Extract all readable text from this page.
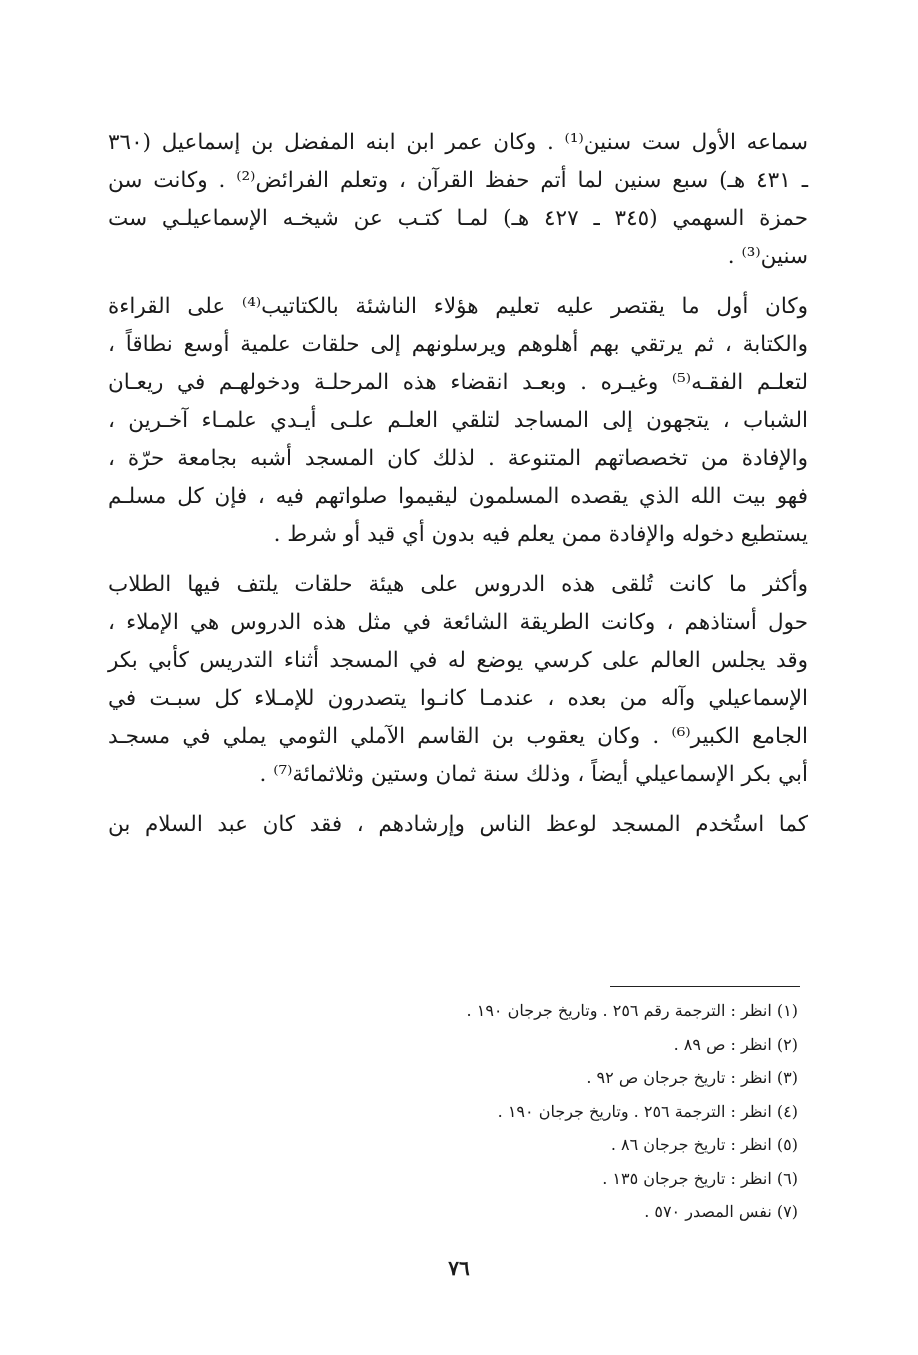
سماعه الأول ست سنين⁽¹⁾ . وكان عمر ابن ابنه المفضل بن إسماعيل (٣٦٠
ـ ٤٣١ هـ) سبع سنين لما أتم حفظ القرآن ، وتعلم الفرائض⁽²⁾ . وكانت سن
حمزة السهمي (٣٤٥ ـ ٤٢٧ هـ) لمـا كتـب عن شيخـه الإسماعيلـي ست
سنين⁽³⁾ .
وكان أول ما يقتصر عليه تعليم هؤلاء الناشئة بالكتاتيب⁽⁴⁾ على القراءة
والكتابة ، ثم يرتقي بهم أهلوهم ويرسلونهم إلى حلقات علمية أوسع نطاقاً ،
لتعلـم الفقـه⁽⁵⁾ وغيـره . وبعـد انقضاء هذه المرحلـة ودخولهـم في ريعـان
الشباب ، يتجهون إلى المساجد لتلقي العلـم علـى أيـدي علمـاء آخـرين ،
والإفادة من تخصصاتهم المتنوعة . لذلك كان المسجد أشبه بجامعة حرّة ،
فهو بيت الله الذي يقصده المسلمون ليقيموا صلواتهم فيه ، فإن كل مسلـم
يستطيع دخوله والإفادة ممن يعلم فيه بدون أي قيد أو شرط .
وأكثر ما كانت تُلقى هذه الدروس على هيئة حلقات يلتف فيها الطلاب
حول أستاذهم ، وكانت الطريقة الشائعة في مثل هذه الدروس هي الإملاء ،
وقد يجلس العالم على كرسي يوضع له في المسجد أثناء التدريس كأبي بكر
الإسماعيلي وآله من بعده ، عندمـا كانـوا يتصدرون للإمـلاء كل سبـت في
الجامع الكبير⁽⁶⁾ . وكان يعقوب بن القاسم الآملي الثومي يملي في مسجـد
أبي بكر الإسماعيلي أيضاً ، وذلك سنة ثمان وستين وثلاثمائة⁽⁷⁾ .
كما استُخدم المسجد لوعظ الناس وإرشادهم ، فقد كان عبد السلام بن
(١) انظر : الترجمة رقم ٢٥٦ . وتاريخ جرجان ١٩٠ .
(٢) انظر : ص ٨٩ .
(٣) انظر : تاريخ جرجان ص ٩٢ .
(٤) انظر : الترجمة ٢٥٦ . وتاريخ جرجان ١٩٠ .
(٥) انظر : تاريخ جرجان ٨٦ .
(٦) انظر : تاريخ جرجان ١٣٥ .
(٧) نفس المصدر ٥٧٠ .
٧٦
